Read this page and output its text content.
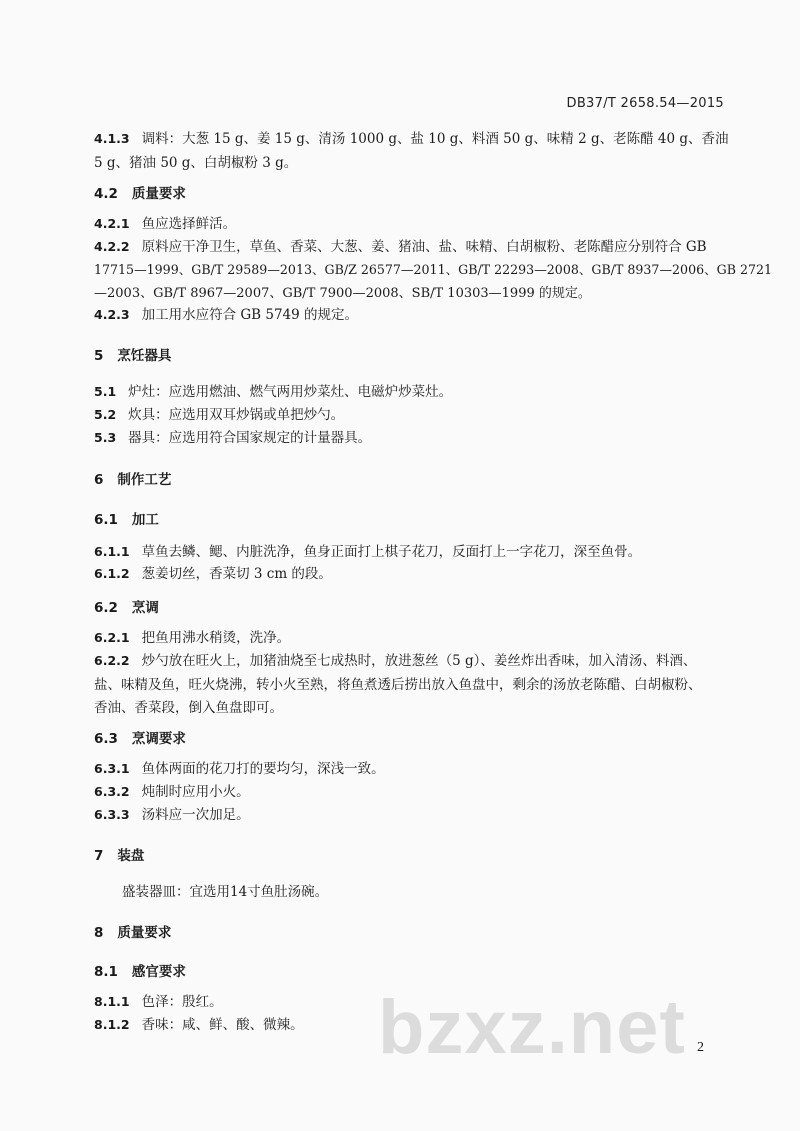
DB37/T 2658.54—2015
4.1.3 调料：大葱 15 g、姜 15 g、清汤 1000 g、盐 10 g、料酒 50 g、味精 2 g、老陈醋 40 g、香油
5 g、猪油 50 g、白胡椒粉 3 g。
4.2 质量要求
4.2.1 鱼应选择鲜活。
4.2.2 原料应干净卫生，草鱼、香菜、大葱、姜、猪油、盐、味精、白胡椒粉、老陈醋应分别符合 GB
17715—1999、GB/T 29589—2013、GB/Z 26577—2011、GB/T 22293—2008、GB/T 8937—2006、GB 2721
—2003、GB/T 8967—2007、GB/T 7900—2008、SB/T 10303—1999 的规定。
4.2.3 加工用水应符合 GB 5749 的规定。
5 烹饪器具
5.1 炉灶：应选用燃油、燃气两用炒菜灶、电磁炉炒菜灶。
5.2 炊具：应选用双耳炒锅或单把炒勺。
5.3 器具：应选用符合国家规定的计量器具。
6 制作工艺
6.1 加工
6.1.1 草鱼去鳞、鳃、内脏洗净，鱼身正面打上棋子花刀，反面打上一字花刀，深至鱼骨。
6.1.2 葱姜切丝，香菜切 3 cm 的段。
6.2 烹调
6.2.1 把鱼用沸水稍烫，洗净。
6.2.2 炒勺放在旺火上，加猪油烧至七成热时，放进葱丝（5 g）、姜丝炸出香味，加入清汤、料酒、
盐、味精及鱼，旺火烧沸，转小火至熟，将鱼煮透后捞出放入鱼盘中，剩余的汤放老陈醋、白胡椒粉、
香油、香菜段，倒入鱼盘即可。
6.3 烹调要求
6.3.1 鱼体两面的花刀打的要均匀，深浅一致。
6.3.2 炖制时应用小火。
6.3.3 汤料应一次加足。
7 装盘
盛装器皿：宜选用14寸鱼肚汤碗。
8 质量要求
8.1 感官要求
8.1.1 色泽：殷红。
8.1.2 香味：咸、鲜、酸、微辣。 bzxz.net 2
